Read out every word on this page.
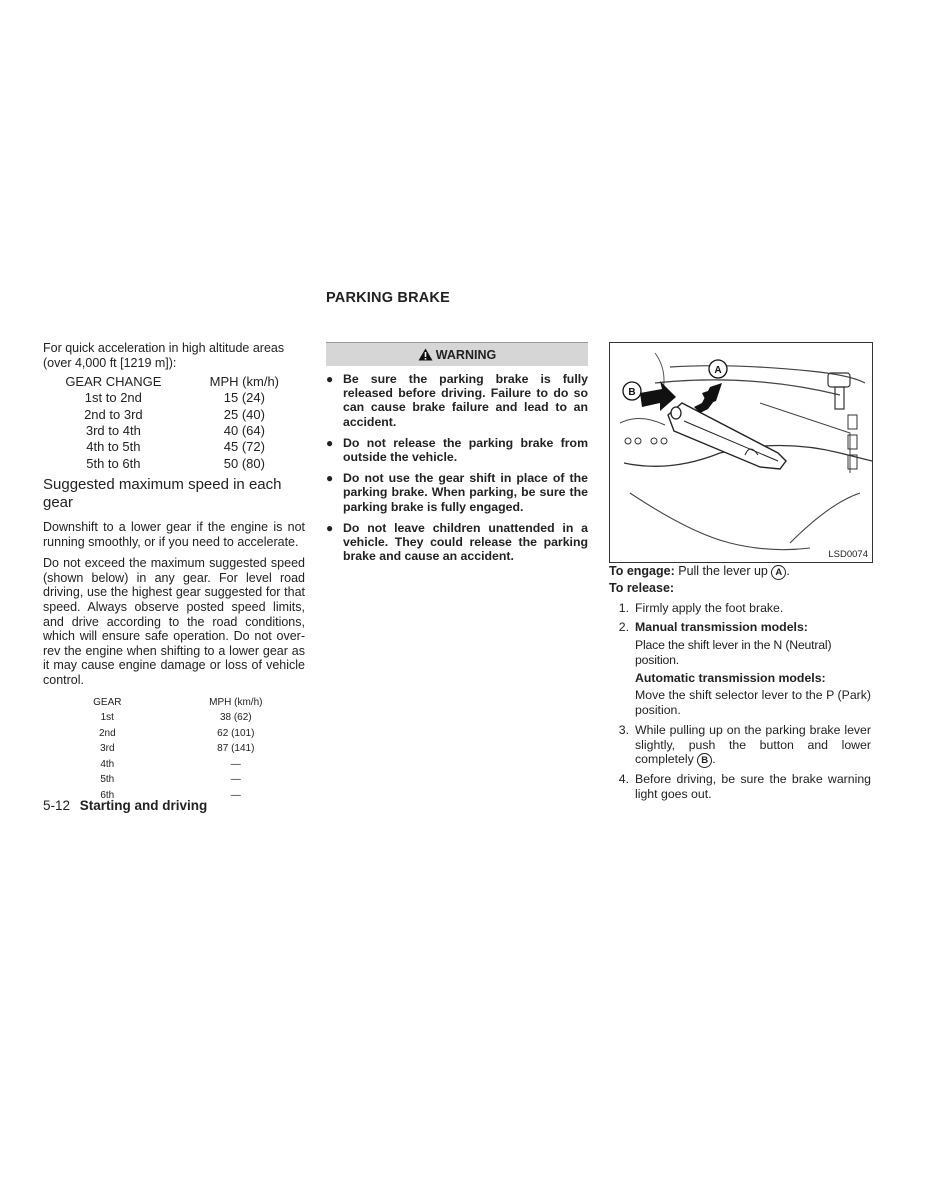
PARKING BRAKE

For quick acceleration in high altitude areas (over 4,000 ft [1219 m]):

GEAR CHANGE	MPH (km/h)
1st to 2nd	15 (24)
2nd to 3rd	25 (40)
3rd to 4th	40 (64)
4th to 5th	45 (72)
5th to 6th	50 (80)
Suggested maximum speed in each gear

Downshift to a lower gear if the engine is not running smoothly, or if you need to accelerate.

Do not exceed the maximum suggested speed (shown below) in any gear. For level road driving, use the highest gear suggested for that speed. Always observe posted speed limits, and drive according to the road conditions, which will ensure safe operation. Do not over-rev the engine when shifting to a lower gear as it may cause engine damage or loss of vehicle control.

GEAR	MPH (km/h)
1st	38 (62)
2nd	62 (101)
3rd	87 (141)
4th	—
5th	—
6th	—
WARNING
● Be sure the parking brake is fully released before driving. Failure to do so can cause brake failure and lead to an accident.
● Do not release the parking brake from outside the vehicle.
● Do not use the gear shift in place of the parking brake. When parking, be sure the parking brake is fully engaged.
● Do not leave children unattended in a vehicle. They could release the parking brake and cause an accident.
A
B
LSD0074
To engage: Pull the lever up A .
To release:
1. Firmly apply the foot brake.
2. Manual transmission models:
Place the shift lever in the N (Neutral) position.
Automatic transmission models:
Move the shift selector lever to the P (Park) position.
3. While pulling up on the parking brake lever slightly, push the button and lower completely B .
4. Before driving, be sure the brake warning light goes out.
5-12 Starting and driving
